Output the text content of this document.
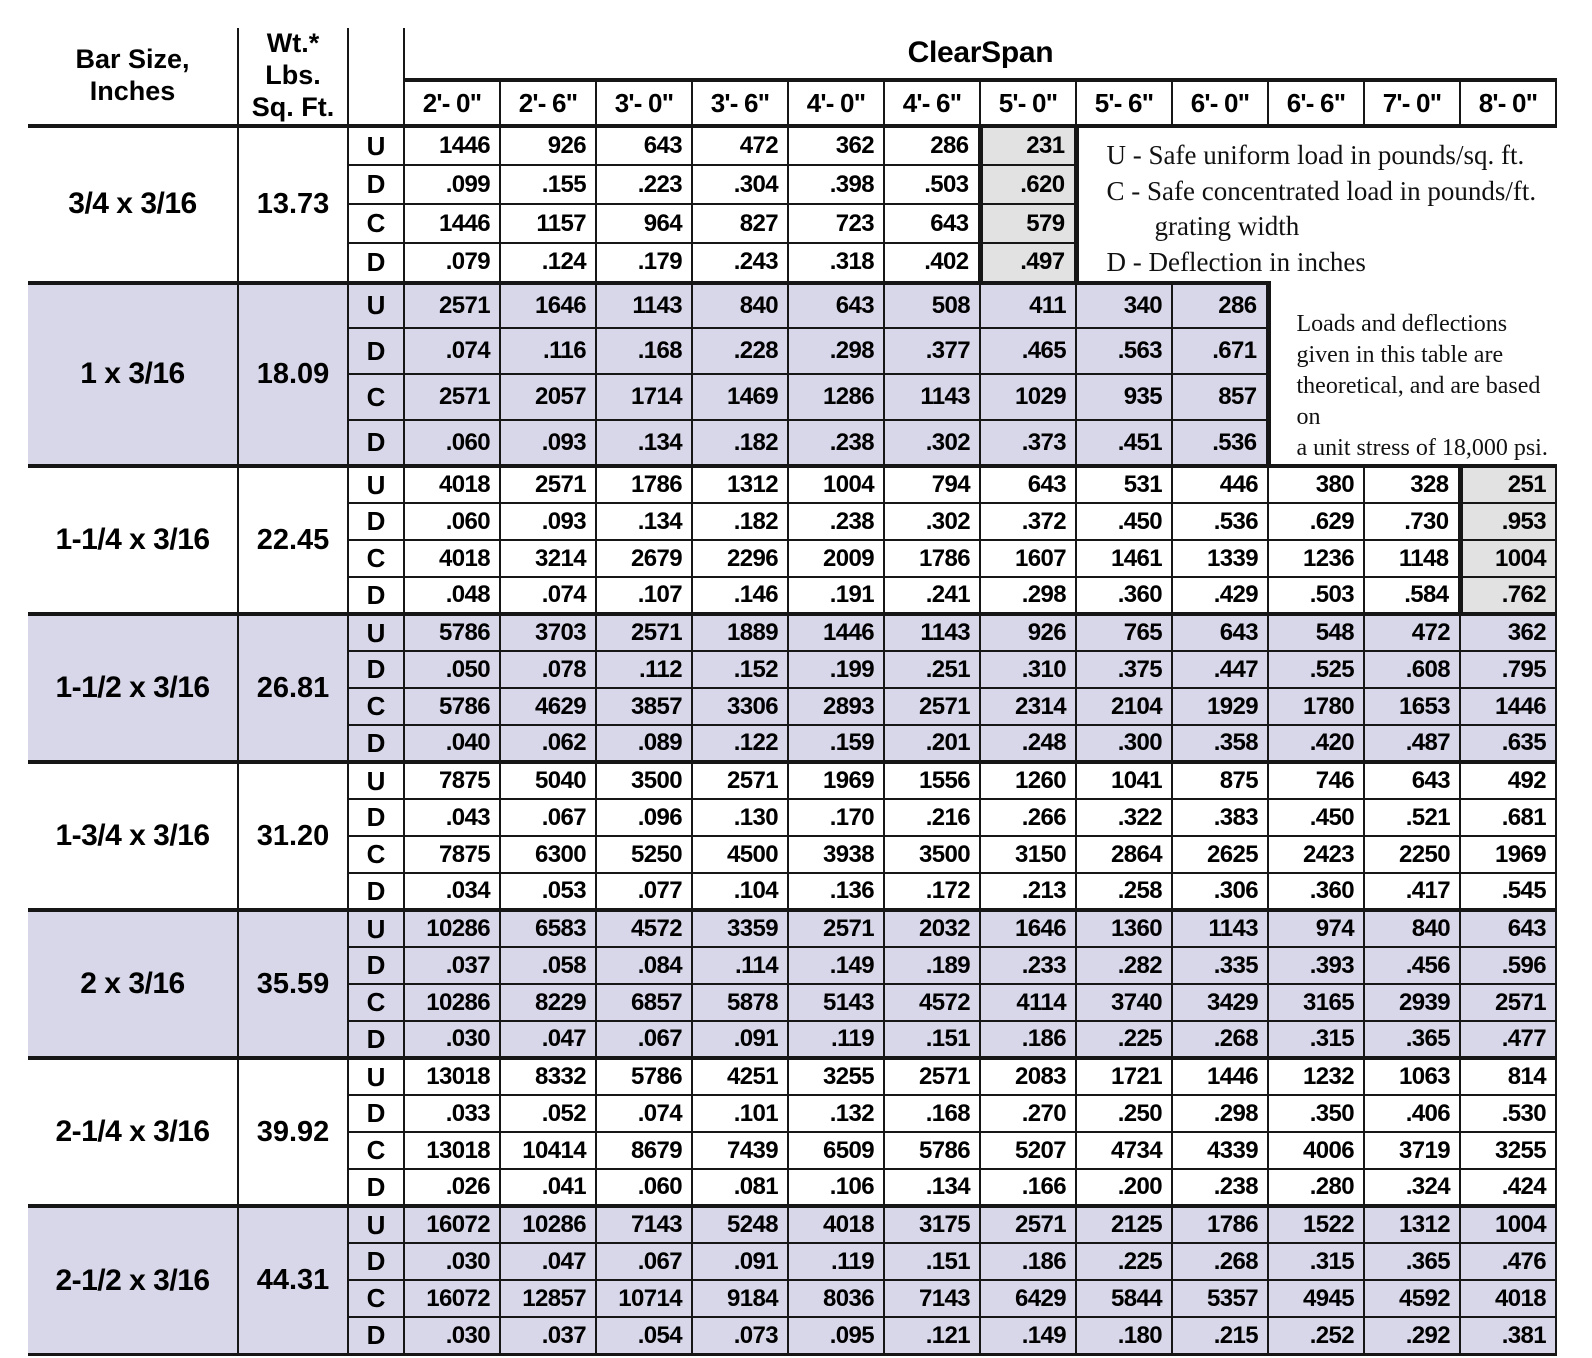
Bar Size,
Inches

Wt.*
Lbs.
Sq. Ft.
		ClearSpan
			2'- 0"	2'- 6"	3'- 0"	3'- 6"	4'- 0"	4'- 6"	5'- 0"	5'- 6"	6'- 0"	6'- 6"	7'- 0"	8'- 0"
3/4 x 3/16	13.73	U	1446	926	643	472	362	286	231	U - Safe uniform load in pounds/sq. ft.
C - Safe concentrated load in pounds/ft.
grating width
D - Deflection in inches				

		D	.099	.155	.223	.304	.398	.503	.620					
		C	1446	1157	964	827	723	643	579					
		D	.079	.124	.179	.243	.318	.402	.497					
1 x 3/16	18.09	U	2571	1646	1143	840	643	508	411	340	286	Loads and deflections
given in this table are
theoretical, and are based on
a unit stress of 18,000 psi.		

		D	.074	.116	.168	.228	.298	.377	.465	.563	.671			
		C	2571	2057	1714	1469	1286	1143	1029	935	857			
		D	.060	.093	.134	.182	.238	.302	.373	.451	.536			
1-1/4 x 3/16	22.45	U	4018	2571	1786	1312	1004	794	643	531	446	380	328	251
		D	.060	.093	.134	.182	.238	.302	.372	.450	.536	.629	.730	.953
		C	4018	3214	2679	2296	2009	1786	1607	1461	1339	1236	1148	1004
		D	.048	.074	.107	.146	.191	.241	.298	.360	.429	.503	.584	.762
1-1/2 x 3/16	26.81	U	5786	3703	2571	1889	1446	1143	926	765	643	548	472	362
		D	.050	.078	.112	.152	.199	.251	.310	.375	.447	.525	.608	.795
		C	5786	4629	3857	3306	2893	2571	2314	2104	1929	1780	1653	1446
		D	.040	.062	.089	.122	.159	.201	.248	.300	.358	.420	.487	.635
1-3/4 x 3/16	31.20	U	7875	5040	3500	2571	1969	1556	1260	1041	875	746	643	492
		D	.043	.067	.096	.130	.170	.216	.266	.322	.383	.450	.521	.681
		C	7875	6300	5250	4500	3938	3500	3150	2864	2625	2423	2250	1969
		D	.034	.053	.077	.104	.136	.172	.213	.258	.306	.360	.417	.545
2 x 3/16	35.59	U	10286	6583	4572	3359	2571	2032	1646	1360	1143	974	840	643
		D	.037	.058	.084	.114	.149	.189	.233	.282	.335	.393	.456	.596
		C	10286	8229	6857	5878	5143	4572	4114	3740	3429	3165	2939	2571
		D	.030	.047	.067	.091	.119	.151	.186	.225	.268	.315	.365	.477
2-1/4 x 3/16	39.92	U	13018	8332	5786	4251	3255	2571	2083	1721	1446	1232	1063	814
		D	.033	.052	.074	.101	.132	.168	.270	.250	.298	.350	.406	.530
		C	13018	10414	8679	7439	6509	5786	5207	4734	4339	4006	3719	3255
		D	.026	.041	.060	.081	.106	.134	.166	.200	.238	.280	.324	.424
2-1/2 x 3/16	44.31	U	16072	10286	7143	5248	4018	3175	2571	2125	1786	1522	1312	1004
		D	.030	.047	.067	.091	.119	.151	.186	.225	.268	.315	.365	.476
		C	16072	12857	10714	9184	8036	7143	6429	5844	5357	4945	4592	4018
		D	.030	.037	.054	.073	.095	.121	.149	.180	.215	.252	.292	.381
